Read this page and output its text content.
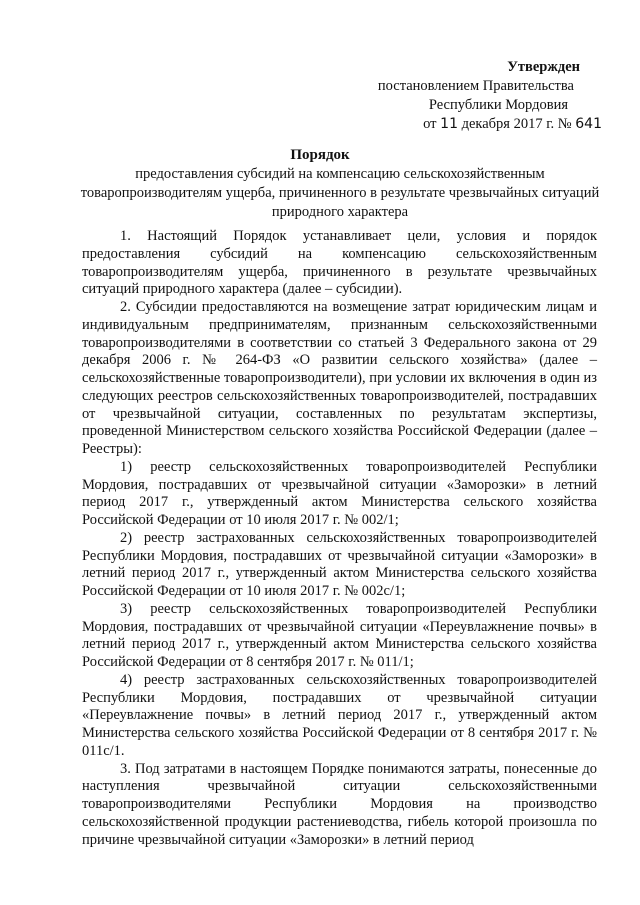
Утвержден
постановлением Правительства
Республики Мордовия
от 11 декабря 2017 г. № 641
Порядок
предоставления субсидий на компенсацию сельскохозяйственным товаропроизводителям ущерба, причиненного в результате чрезвычайных ситуаций природного характера

1. Настоящий Порядок устанавливает цели, условия и порядок предоставления субсидий на компенсацию сельскохозяйственным товаропроизводителям ущерба, причиненного в результате чрезвычайных ситуаций природного характера (далее – субсидии).

2. Субсидии предоставляются на возмещение затрат юридическим лицам и индивидуальным предпринимателям, признанным сельскохозяйственными товаропроизводителями в соответствии со статьей 3 Федерального закона от 29 декабря 2006 г. № 264-ФЗ «О развитии сельского хозяйства» (далее – сельскохозяйственные товаропроизводители), при условии их включения в один из следующих реестров сельскохозяйственных товаропроизводителей, пострадавших от чрезвычайной ситуации, составленных по результатам экспертизы, проведенной Министерством сельского хозяйства Российской Федерации (далее – Реестры):

1) реестр сельскохозяйственных товаропроизводителей Республики Мордовия, пострадавших от чрезвычайной ситуации «Заморозки» в летний период 2017 г., утвержденный актом Министерства сельского хозяйства Российской Федерации от 10 июля 2017 г. № 002/1;

2) реестр застрахованных сельскохозяйственных товаропроизводителей Республики Мордовия, пострадавших от чрезвычайной ситуации «Заморозки» в летний период 2017 г., утвержденный актом Министерства сельского хозяйства Российской Федерации от 10 июля 2017 г. № 002с/1;

3) реестр сельскохозяйственных товаропроизводителей Республики Мордовия, пострадавших от чрезвычайной ситуации «Переувлажнение почвы» в летний период 2017 г., утвержденный актом Министерства сельского хозяйства Российской Федерации от 8 сентября 2017 г. № 011/1;

4) реестр застрахованных сельскохозяйственных товаропроизводителей Республики Мордовия, пострадавших от чрезвычайной ситуации «Переувлажнение почвы» в летний период 2017 г., утвержденный актом Министерства сельского хозяйства Российской Федерации от 8 сентября 2017 г. № 011с/1.

3. Под затратами в настоящем Порядке понимаются затраты, понесенные до наступления чрезвычайной ситуации сельскохозяйственными товаропроизводителями Республики Мордовия на производство сельскохозяйственной продукции растениеводства, гибель которой произошла по причине чрезвычайной ситуации «Заморозки» в летний период
